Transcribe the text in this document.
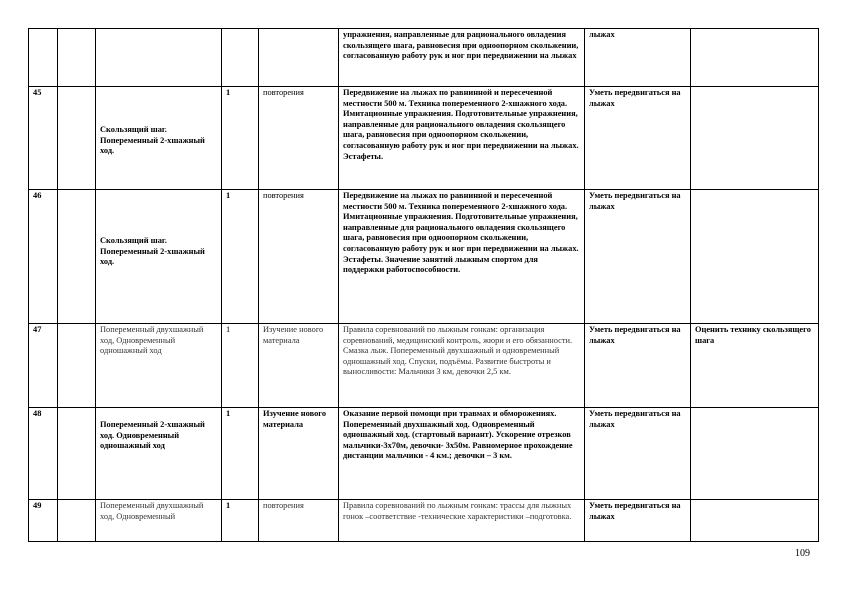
					упражнения, направленные для рационального овладения скользящего шага, равновесия при одноопорном скольжении, согласованную работу рук и ног при передвижении на лыжах	лыжах	
45		Скользящий шаг. Попеременный 2-хшажный ход.	1	повторения	Передвижение на лыжах по равнинной и пересеченной местности 500 м. Техника попеременного 2-хшажного хода. Имитационные упражнения. Подготовительные упражнения, направленные для рационального овладения скользящего шага, равновесия при одноопорном скольжении, согласованную работу рук и ног при передвижении на лыжах. Эстафеты.	Уметь передвигаться на лыжах	
46		Скользящий шаг. Попеременный 2-хшажный ход.	1	повторения	Передвижение на лыжах по равнинной и пересеченной местности 500 м. Техника попеременного 2-хшажного хода. Имитационные упражнения. Подготовительные упражнения, направленные для рационального овладения скользящего шага, равновесия при одноопорном скольжении, согласованную работу рук и ног при передвижении на лыжах. Эстафеты. Значение занятий лыжным спортом для поддержки работоспособности.	Уметь передвигаться на лыжах	
47		Попеременный двухшажный ход, Одновременный одношажный ход	1	Изучение нового материала	Правила соревнований по лыжным гонкам: организация соревнований, медицинский контроль, жюри и его обязанности. Смазка лыж. Попеременный двухшажный и одновременный одношажный ход. Спуски, подъёмы. Развитие быстроты и выносливости: Мальчики 3 км, девочки 2,5 км.	Уметь передвигаться на лыжах	Оценить технику скользящего шага
48		Попеременный 2-хшажный ход. Одновременный одношажный ход	1	Изучение нового материала	Оказание первой помощи при травмах и обморожениях. Попеременный двухшажный ход. Одновременный одношажный ход. (стартовый вариант). Ускорение отрезков мальчики-3х70м, девочки- 3х50м. Равномерное прохождение дистанции мальчики - 4 км.; девочки – 3 км.	Уметь передвигаться на лыжах	
49		Попеременный двухшажный ход, Одновременный	1	повторения	Правила соревнований по лыжным гонкам: трассы для лыжных гонок –соответствие -технические характеристики –подготовка.	Уметь передвигаться на лыжах	
109
